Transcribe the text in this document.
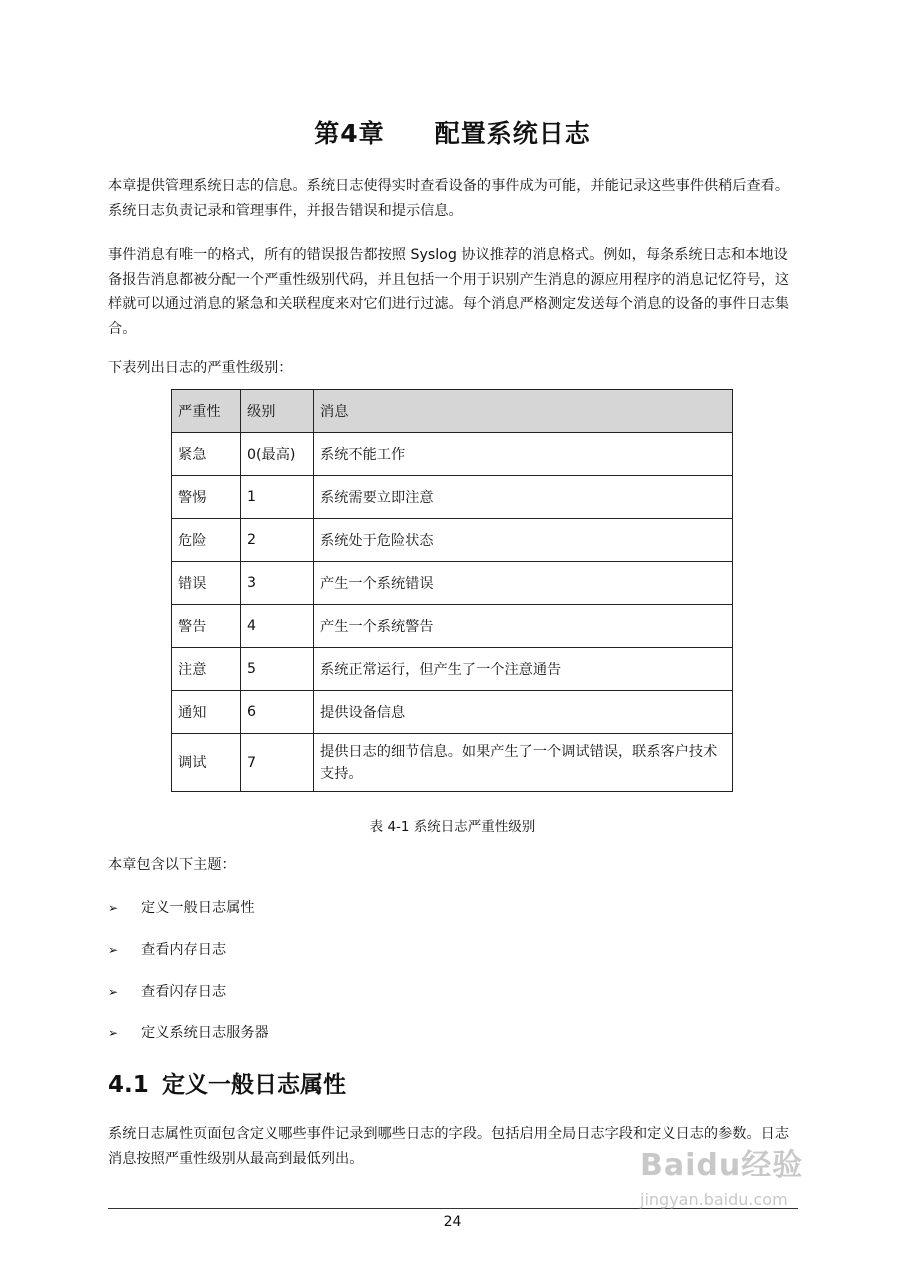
第4章 配置系统日志

本章提供管理系统日志的信息。系统日志使得实时查看设备的事件成为可能，并能记录这些事件供稍后查看。系统日志负责记录和管理事件，并报告错误和提示信息。

事件消息有唯一的格式，所有的错误报告都按照 Syslog 协议推荐的消息格式。例如，每条系统日志和本地设备报告消息都被分配一个严重性级别代码，并且包括一个用于识别产生消息的源应用程序的消息记忆符号，这样就可以通过消息的紧急和关联程度来对它们进行过滤。每个消息严格测定发送每个消息的设备的事件日志集合。

下表列出日志的严重性级别：

严重性	级别	消息
紧急	0(最高)	系统不能工作
警惕	1	系统需要立即注意
危险	2	系统处于危险状态
错误	3	产生一个系统错误
警告	4	产生一个系统警告
注意	5	系统正常运行，但产生了一个注意通告
通知	6	提供设备信息
调试	7	提供日志的细节信息。如果产生了一个调试错误，联系客户技术支持。
表 4-1 系统日志严重性级别
本章包含以下主题：
➢ 定义一般日志属性
➢ 查看内存日志
➢ 查看闪存日志
➢ 定义系统日志服务器
4.1 定义一般日志属性

系统日志属性页面包含定义哪些事件记录到哪些日志的字段。包括启用全局日志字段和定义日志的参数。日志消息按照严重性级别从最高到最低列出。

24
Baidu经验
jingyan.baidu.com
